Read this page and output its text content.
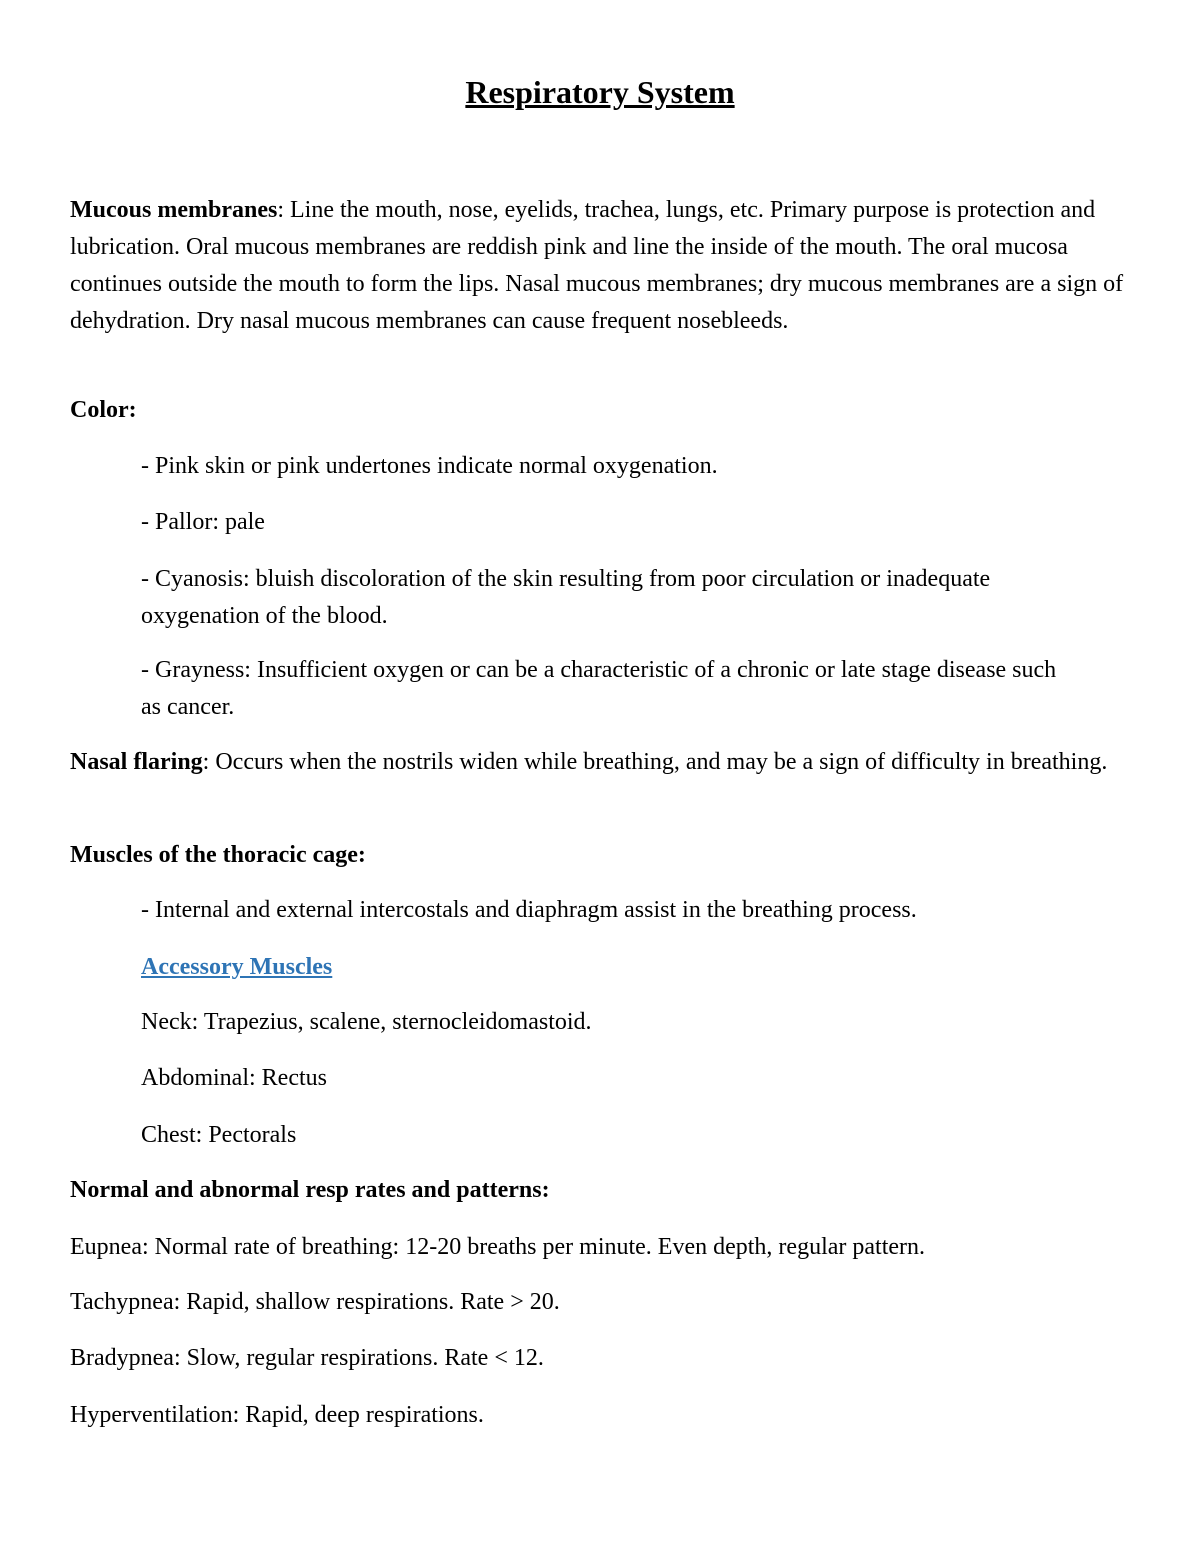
Respiratory System

Mucous membranes: Line the mouth, nose, eyelids, trachea, lungs, etc. Primary purpose is protection and lubrication. Oral mucous membranes are reddish pink and line the inside of the mouth. The oral mucosa continues outside the mouth to form the lips. Nasal mucous membranes; dry mucous membranes are a sign of dehydration. Dry nasal mucous membranes can cause frequent nosebleeds.

Color:

- Pink skin or pink undertones indicate normal oxygenation.

- Pallor: pale

- Cyanosis: bluish discoloration of the skin resulting from poor circulation or inadequate oxygenation of the blood.

- Grayness: Insufficient oxygen or can be a characteristic of a chronic or late stage disease such as cancer.

Nasal flaring: Occurs when the nostrils widen while breathing, and may be a sign of difficulty in breathing.

Muscles of the thoracic cage:

- Internal and external intercostals and diaphragm assist in the breathing process.

Accessory Muscles

Neck: Trapezius, scalene, sternocleidomastoid.

Abdominal: Rectus

Chest: Pectorals

Normal and abnormal resp rates and patterns:

Eupnea: Normal rate of breathing: 12-20 breaths per minute. Even depth, regular pattern.

Tachypnea: Rapid, shallow respirations. Rate > 20.

Bradypnea: Slow, regular respirations. Rate < 12.

Hyperventilation: Rapid, deep respirations.
